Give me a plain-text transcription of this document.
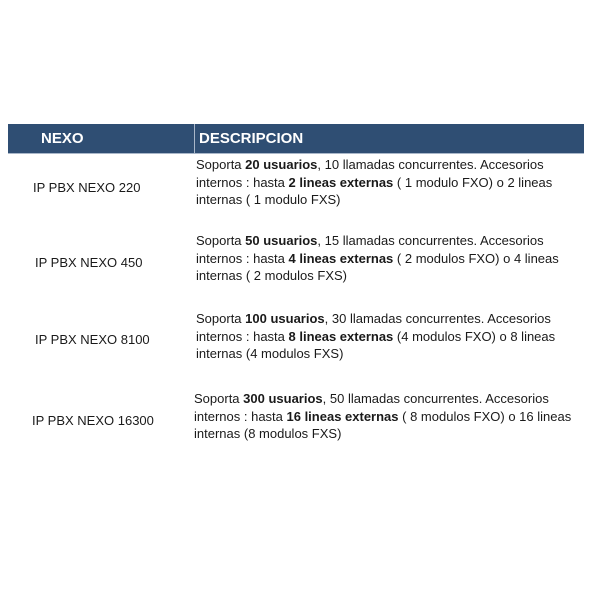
NEXO	DESCRIPCION
IP PBX NEXO 220
Soporta 20 usuarios, 10 llamadas concurrentes. Accesorios internos : hasta 2 lineas externas ( 1 modulo FXO) o 2 lineas internas ( 1 modulo FXS)
IP PBX NEXO 450
Soporta 50 usuarios, 15 llamadas concurrentes. Accesorios internos : hasta 4 lineas externas ( 2 modulos FXO) o 4 lineas internas ( 2 modulos FXS)
IP PBX NEXO 8100
Soporta 100 usuarios, 30 llamadas concurrentes. Accesorios internos : hasta 8 lineas externas (4 modulos FXO) o 8 lineas internas (4 modulos FXS)
IP PBX NEXO 16300
Soporta 300 usuarios, 50 llamadas concurrentes. Accesorios internos : hasta 16 lineas externas ( 8 modulos FXO) o 16 lineas internas (8 modulos FXS)
